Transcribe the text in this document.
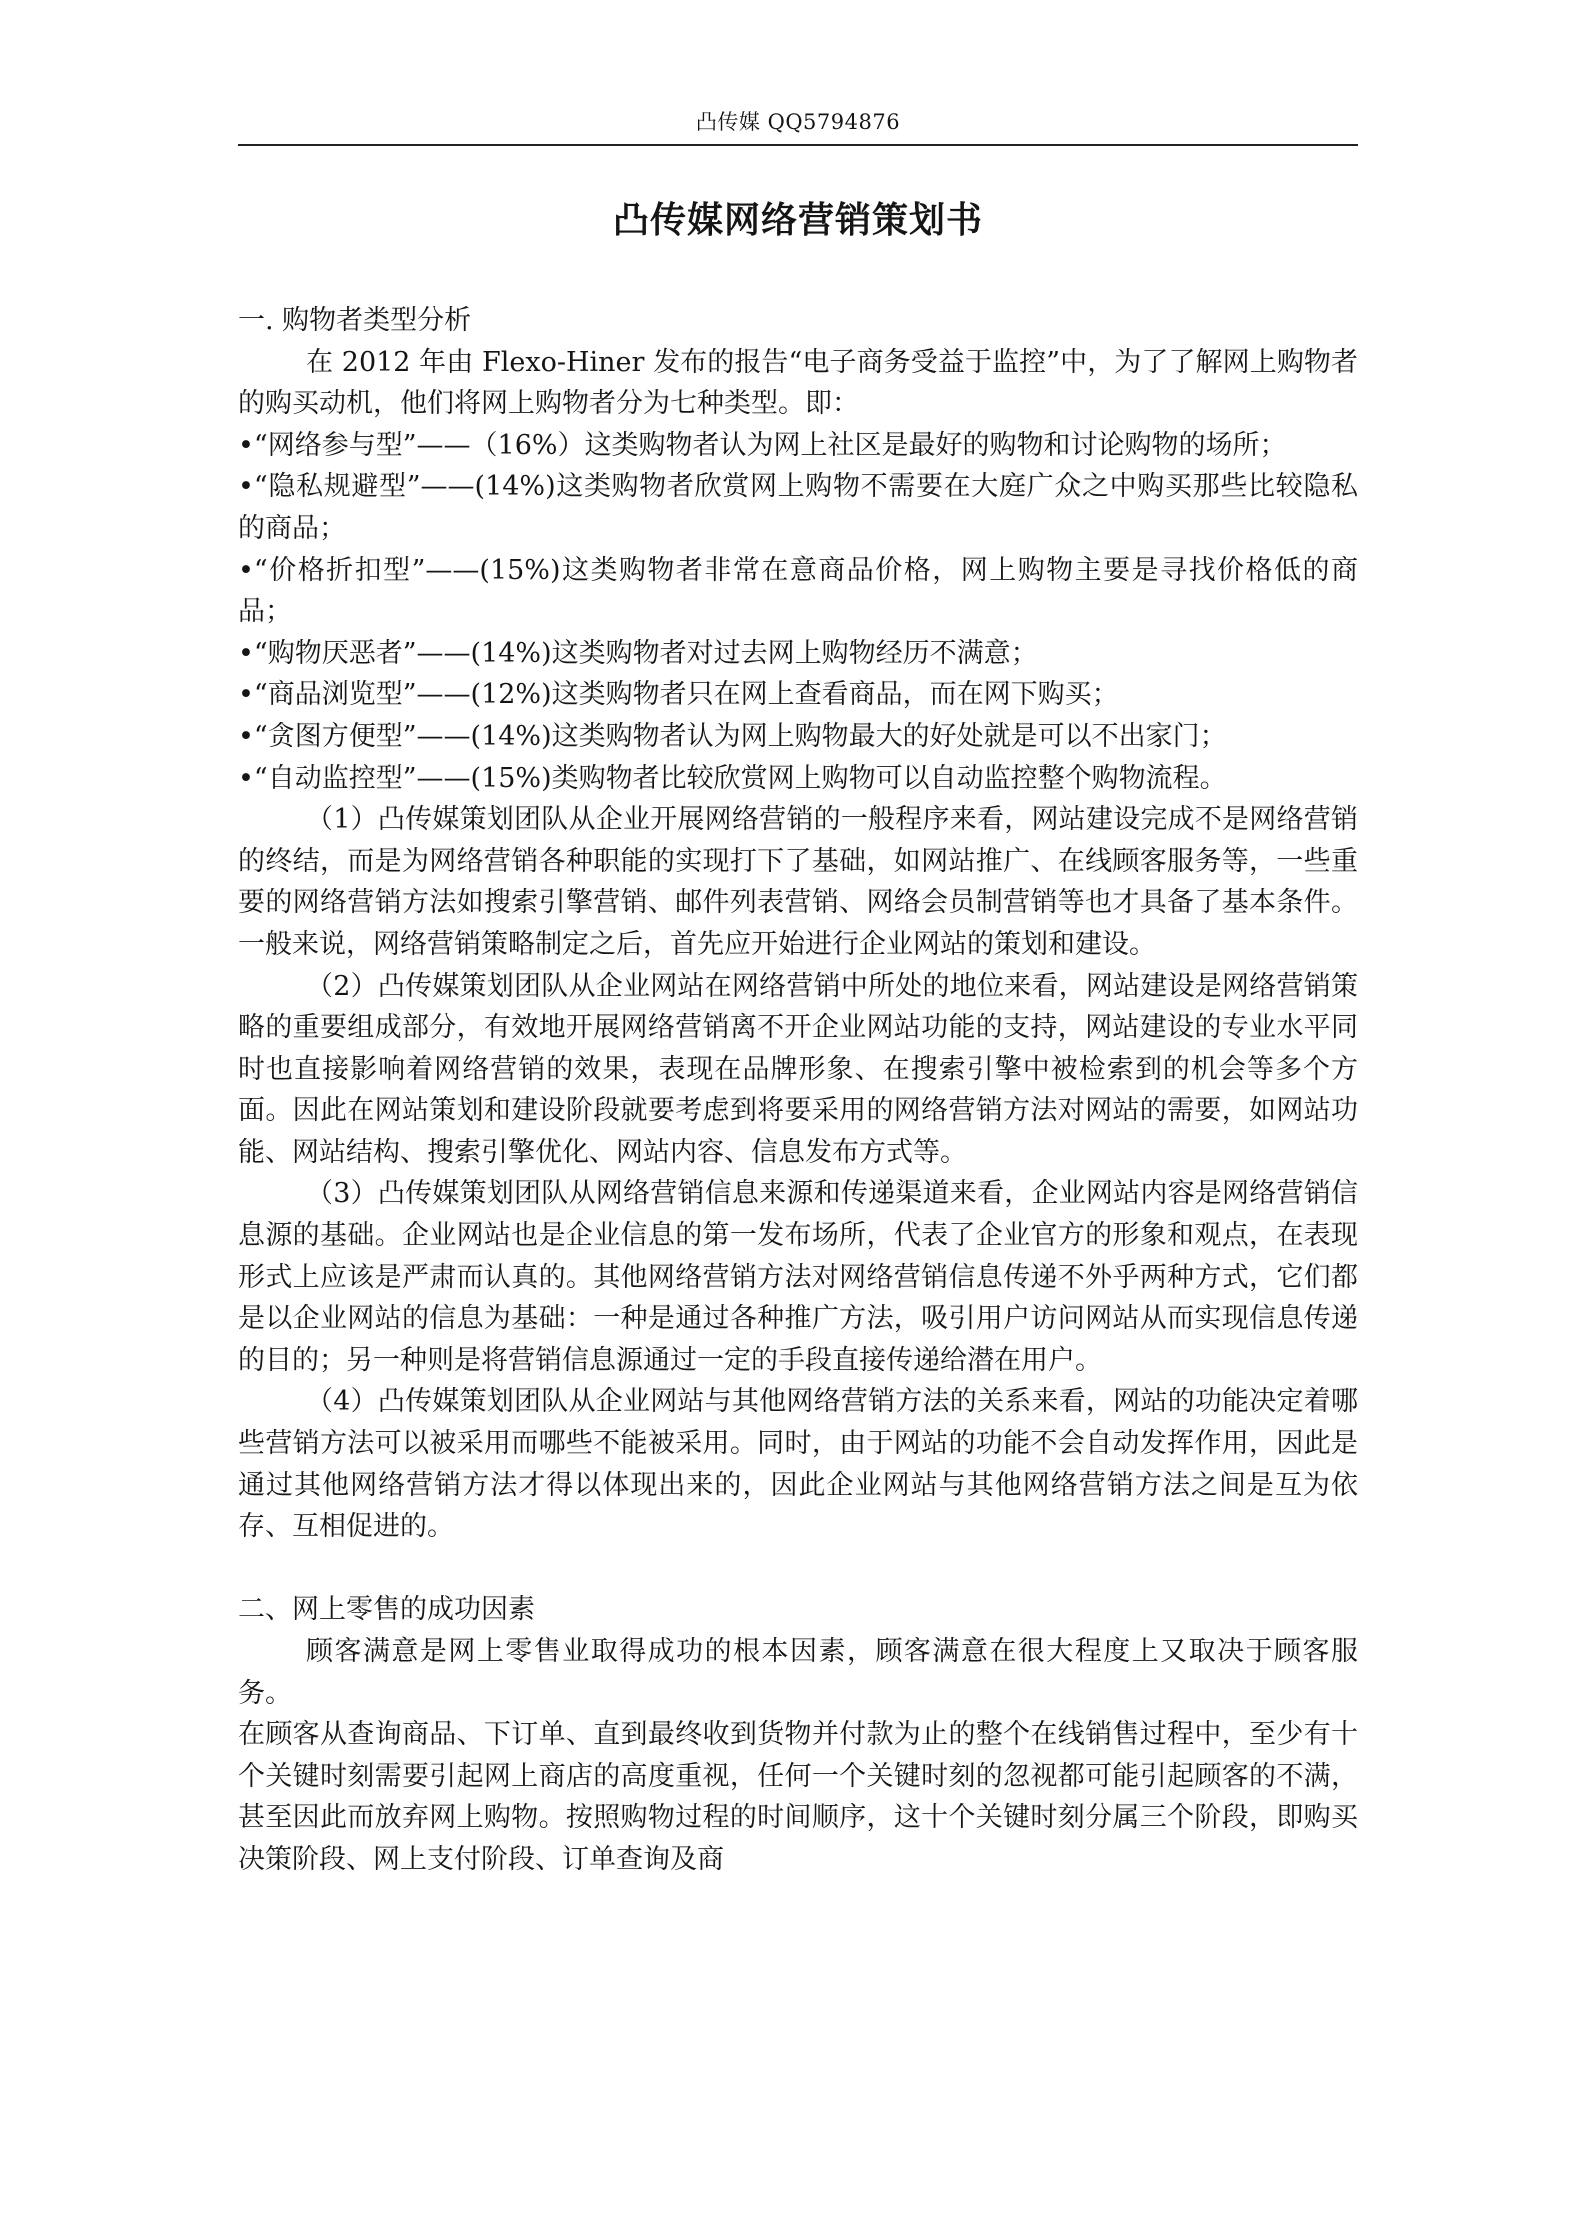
凸传媒 QQ5794876
凸传媒网络营销策划书

一. 购物者类型分析

在 2012 年由 Flexo-Hiner 发布的报告“电子商务受益于监控”中，为了了解网上购物者的购买动机，他们将网上购物者分为七种类型。即：

•“网络参与型”——（16%）这类购物者认为网上社区是最好的购物和讨论购物的场所；

•“隐私规避型”——(14%)这类购物者欣赏网上购物不需要在大庭广众之中购买那些比较隐私的商品；

•“价格折扣型”——(15%)这类购物者非常在意商品价格，网上购物主要是寻找价格低的商品；

•“购物厌恶者”——(14%)这类购物者对过去网上购物经历不满意；

•“商品浏览型”——(12%)这类购物者只在网上查看商品，而在网下购买；

•“贪图方便型”——(14%)这类购物者认为网上购物最大的好处就是可以不出家门；

•“自动监控型”——(15%)类购物者比较欣赏网上购物可以自动监控整个购物流程。

（1）凸传媒策划团队从企业开展网络营销的一般程序来看，网站建设完成不是网络营销的终结，而是为网络营销各种职能的实现打下了基础，如网站推广、在线顾客服务等，一些重要的网络营销方法如搜索引擎营销、邮件列表营销、网络会员制营销等也才具备了基本条件。一般来说，网络营销策略制定之后，首先应开始进行企业网站的策划和建设。

（2）凸传媒策划团队从企业网站在网络营销中所处的地位来看，网站建设是网络营销策略的重要组成部分，有效地开展网络营销离不开企业网站功能的支持，网站建设的专业水平同时也直接影响着网络营销的效果，表现在品牌形象、在搜索引擎中被检索到的机会等多个方面。因此在网站策划和建设阶段就要考虑到将要采用的网络营销方法对网站的需要，如网站功能、网站结构、搜索引擎优化、网站内容、信息发布方式等。

（3）凸传媒策划团队从网络营销信息来源和传递渠道来看，企业网站内容是网络营销信息源的基础。企业网站也是企业信息的第一发布场所，代表了企业官方的形象和观点，在表现形式上应该是严肃而认真的。其他网络营销方法对网络营销信息传递不外乎两种方式，它们都是以企业网站的信息为基础：一种是通过各种推广方法，吸引用户访问网站从而实现信息传递的目的；另一种则是将营销信息源通过一定的手段直接传递给潜在用户。

（4）凸传媒策划团队从企业网站与其他网络营销方法的关系来看，网站的功能决定着哪些营销方法可以被采用而哪些不能被采用。同时，由于网站的功能不会自动发挥作用，因此是通过其他网络营销方法才得以体现出来的，因此企业网站与其他网络营销方法之间是互为依存、互相促进的。

二、网上零售的成功因素

顾客满意是网上零售业取得成功的根本因素，顾客满意在很大程度上又取决于顾客服务。

在顾客从查询商品、下订单、直到最终收到货物并付款为止的整个在线销售过程中，至少有十个关键时刻需要引起网上商店的高度重视，任何一个关键时刻的忽视都可能引起顾客的不满，甚至因此而放弃网上购物。按照购物过程的时间顺序，这十个关键时刻分属三个阶段，即购买决策阶段、网上支付阶段、订单查询及商
